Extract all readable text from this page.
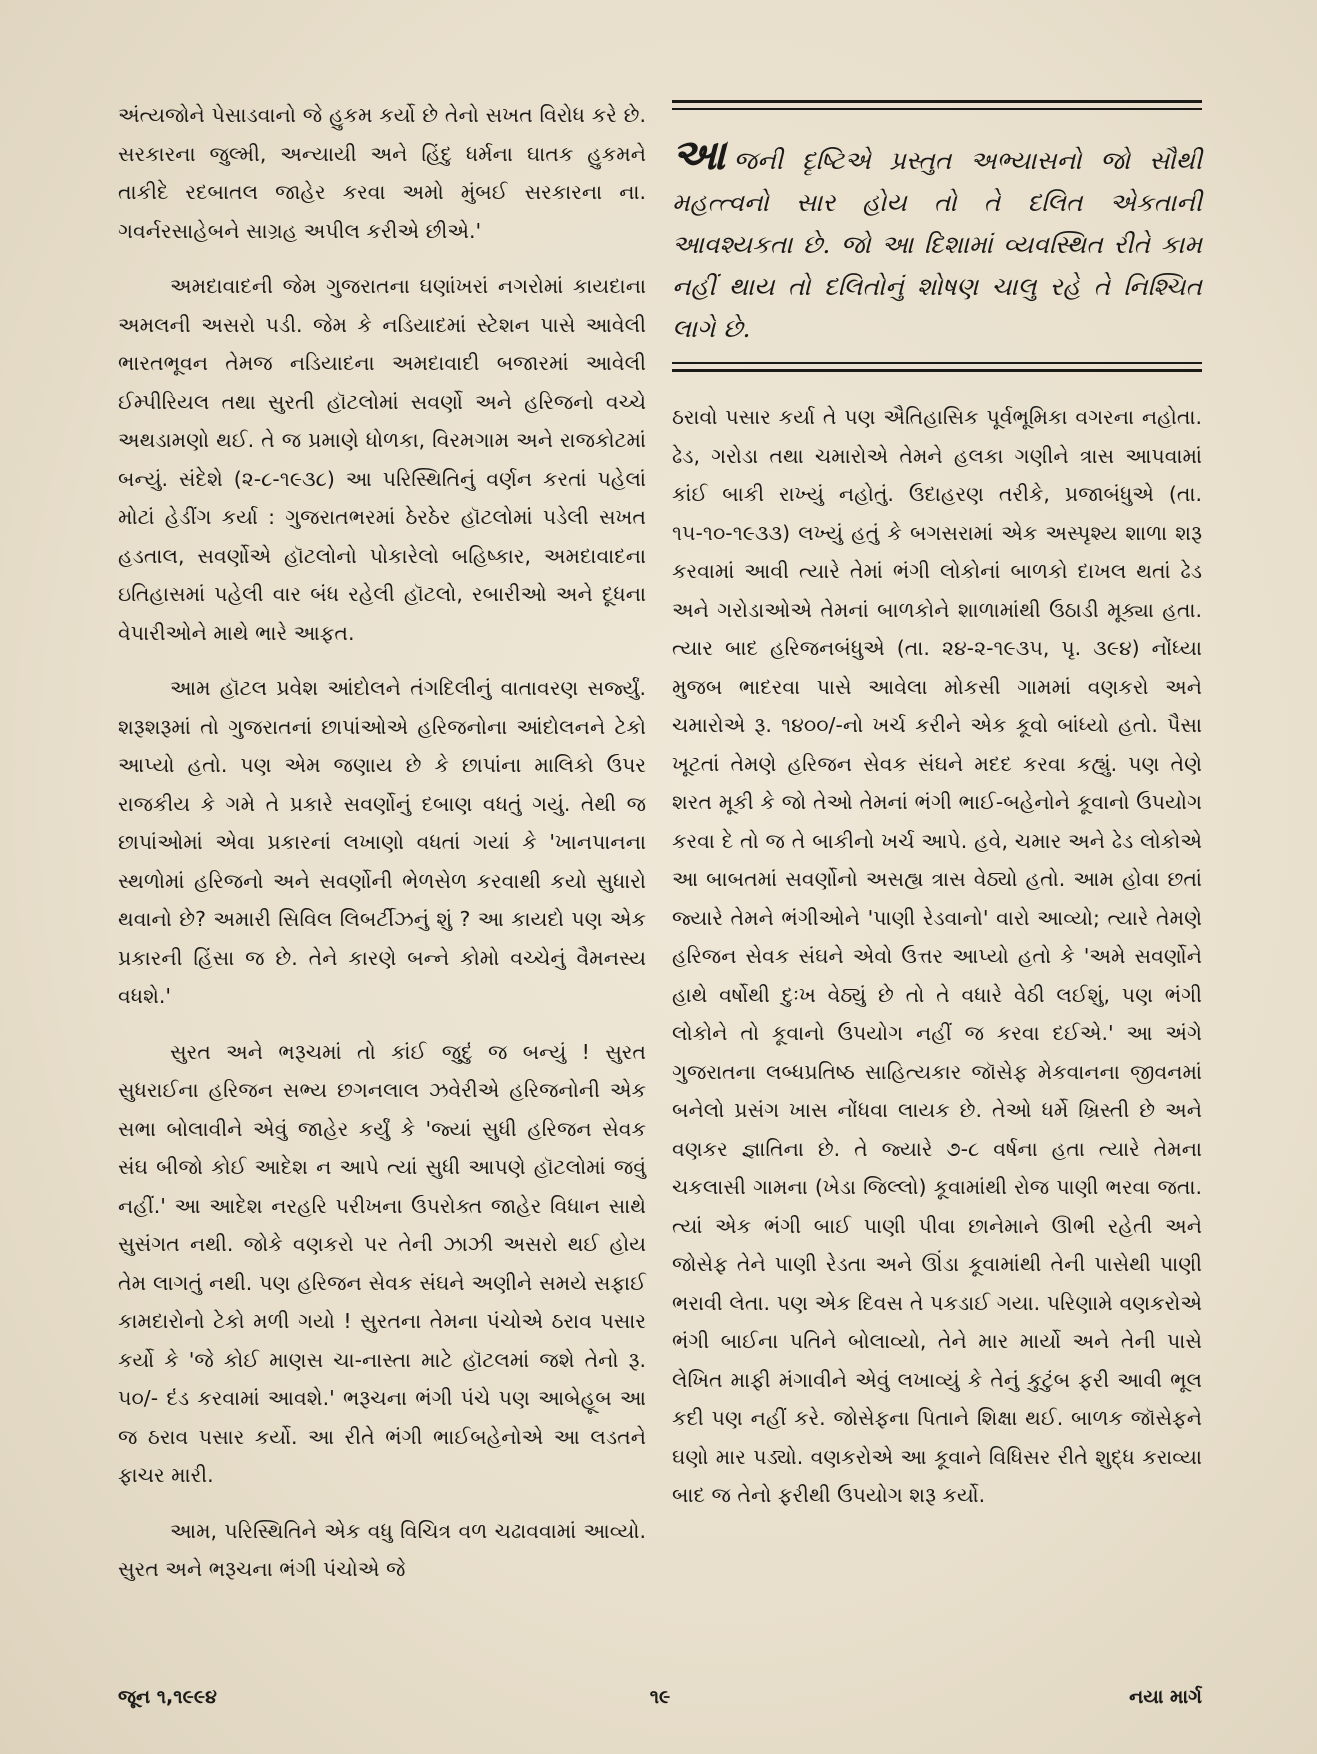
અંત્યજોને પેસાડવાનો જે હુકમ કર્યો છે તેનો સખત વિરોધ કરે છે. સરકારના જુલ્મી, અન્યાયી અને હિંદુ ધર્મના ઘાતક હુકમને તાકીદે રદબાતલ જાહેર કરવા અમો મુંબઈ સરકારના ના. ગવર્નરસાહેબને સાગ્રહ અપીલ કરીએ છીએ.'

અમદાવાદની જેમ ગુજરાતના ઘણાંખરાં નગરોમાં કાયદાના અમલની અસરો પડી. જેમ કે નડિયાદમાં સ્ટેશન પાસે આવેલી ભારતભૂવન તેમજ નડિયાદના અમદાવાદી બજારમાં આવેલી ઈમ્પીરિયલ તથા સુરતી હૉટલોમાં સવર્ણો અને હરિજનો વચ્ચે અથડામણો થઈ. તે જ પ્રમાણે ધોળકા, વિરમગામ અને રાજકોટમાં બન્યું. સંદેશે (૨-૮-૧૯૩૮) આ પરિસ્થિતિનું વર્ણન કરતાં પહેલાં મોટાં હેડીંગ કર્યા : ગુજરાતભરમાં ઠેરઠેર હૉટલોમાં પડેલી સખત હડતાલ, સવર્ણોએ હૉટલોનો પોકારેલો બહિષ્કાર, અમદાવાદના ઇતિહાસમાં પહેલી વાર બંધ રહેલી હૉટલો, રબારીઓ અને દૂધના વેપારીઓને માથે ભારે આફત.

આમ હૉટલ પ્રવેશ આંદોલને તંગદિલીનું વાતાવરણ સર્જ્યું. શરૂશરૂમાં તો ગુજરાતનાં છાપાંઓએ હરિજનોના આંદોલનને ટેકો આપ્યો હતો. પણ એમ જણાય છે કે છાપાંના માલિકો ઉપર રાજકીય કે ગમે તે પ્રકારે સવર્ણોનું દબાણ વધતું ગયું. તેથી જ છાપાંઓમાં એવા પ્રકારનાં લખાણો વધતાં ગયાં કે 'ખાનપાનના સ્થળોમાં હરિજનો અને સવર્ણોની ભેળસેળ કરવાથી કયો સુધારો થવાનો છે? અમારી સિવિલ લિબર્ટીઝનું શું ? આ કાયદો પણ એક પ્રકારની હિંસા જ છે. તેને કારણે બન્ને કોમો વચ્ચેનું વૈમનસ્ય વધશે.'

સુરત અને ભરૂચમાં તો કાંઈ જુદું જ બન્યું ! સુરત સુધરાઈના હરિજન સભ્ય છગનલાલ ઝવેરીએ હરિજનોની એક સભા બોલાવીને એવું જાહેર કર્યું કે 'જ્યાં સુધી હરિજન સેવક સંઘ બીજો કોઈ આદેશ ન આપે ત્યાં સુધી આપણે હૉટલોમાં જવું નહીં.' આ આદેશ નરહરિ પરીખના ઉપરોક્ત જાહેર વિધાન સાથે સુસંગત નથી. જોકે વણકરો પર તેની ઝાઝી અસરો થઈ હોય તેમ લાગતું નથી. પણ હરિજન સેવક સંઘને અણીને સમયે સફાઈ કામદારોનો ટેકો મળી ગયો ! સુરતના તેમના પંચોએ ઠરાવ પસાર કર્યો કે 'જે કોઈ માણસ ચા-નાસ્તા માટે હૉટલમાં જશે તેનો રૂ. ૫૦/- દંડ કરવામાં આવશે.' ભરૂચના ભંગી પંચે પણ આબેહૂબ આ જ ઠરાવ પસાર કર્યો. આ રીતે ભંગી ભાઈબહેનોએ આ લડતને ફાચર મારી.

આમ, પરિસ્થિતિને એક વધુ વિચિત્ર વળ ચઢાવવામાં આવ્યો. સુરત અને ભરૂચના ભંગી પંચોએ જે

આજની દૃષ્ટિએ પ્રસ્તુત અભ્યાસનો જો સૌથી મહત્ત્વનો સાર હોય તો તે દલિત એકતાની આવશ્યકતા છે. જો આ દિશામાં વ્યવસ્થિત રીતે કામ નહીં થાય તો દલિતોનું શોષણ ચાલુ રહે તે નિશ્ચિત લાગે છે.

ઠરાવો પસાર કર્યા તે પણ ઐતિહાસિક પૂર્વભૂમિકા વગરના નહોતા. ઢેડ, ગરોડા તથા ચમારોએ તેમને હલકા ગણીને ત્રાસ આપવામાં કાંઈ બાકી રાખ્યું નહોતું. ઉદાહરણ તરીકે, પ્રજાબંધુએ (તા. ૧૫-૧૦-૧૯૩૩) લખ્યું હતું કે બગસરામાં એક અસ્પૃશ્ય શાળા શરૂ કરવામાં આવી ત્યારે તેમાં ભંગી લોકોનાં બાળકો દાખલ થતાં ઢેડ અને ગરોડાઓએ તેમનાં બાળકોને શાળામાંથી ઉઠાડી મૂક્યા હતા. ત્યાર બાદ હરિજનબંધુએ (તા. ૨૪-૨-૧૯૩૫, પૃ. ૩૯૪) નોંધ્યા મુજબ ભાદરવા પાસે આવેલા મોકસી ગામમાં વણકરો અને ચમારોએ રૂ. ૧૪૦૦/-નો ખર્ચ કરીને એક કૂવો બાંધ્યો હતો. પૈસા ખૂટતાં તેમણે હરિજન સેવક સંઘને મદદ કરવા કહ્યું. પણ તેણે શરત મૂકી કે જો તેઓ તેમનાં ભંગી ભાઈ-બહેનોને કૂવાનો ઉપયોગ કરવા દે તો જ તે બાકીનો ખર્ચ આપે. હવે, ચમાર અને ઢેડ લોકોએ આ બાબતમાં સવર્ણોનો અસહ્ય ત્રાસ વેઠ્યો હતો. આમ હોવા છતાં જ્યારે તેમને ભંગીઓને 'પાણી રેડવાનો' વારો આવ્યો; ત્યારે તેમણે હરિજન સેવક સંઘને એવો ઉત્તર આપ્યો હતો કે 'અમે સવર્ણોને હાથે વર્ષોથી દુઃખ વેઠ્યું છે તો તે વધારે વેઠી લઈશું, પણ ભંગી લોકોને તો કૂવાનો ઉપયોગ નહીં જ કરવા દઈએ.' આ અંગે ગુજરાતના લબ્ધપ્રતિષ્ઠ સાહિત્યકાર જૉસેફ મેકવાનના જીવનમાં બનેલો પ્રસંગ ખાસ નોંધવા લાયક છે. તેઓ ધર્મે ખ્રિસ્તી છે અને વણકર જ્ઞાતિના છે. તે જ્યારે ૭-૮ વર્ષના હતા ત્યારે તેમના ચકલાસી ગામના (ખેડા જિલ્લો) કૂવામાંથી રોજ પાણી ભરવા જતા. ત્યાં એક ભંગી બાઈ પાણી પીવા છાનેમાને ઊભી રહેતી અને જોસેફ તેને પાણી રેડતા અને ઊંડા કૂવામાંથી તેની પાસેથી પાણી ભરાવી લેતા. પણ એક દિવસ તે પકડાઈ ગયા. પરિણામે વણકરોએ ભંગી બાઈના પતિને બોલાવ્યો, તેને માર માર્યો અને તેની પાસે લેખિત માફી મંગાવીને એવું લખાવ્યું કે તેનું કુટુંબ ફરી આવી ભૂલ કદી પણ નહીં કરે. જોસેફના પિતાને શિક્ષા થઈ. બાળક જૉસેફને ઘણો માર પડ્યો. વણકરોએ આ કૂવાને વિધિસર રીતે શુદ્ધ કરાવ્યા બાદ જ તેનો ફરીથી ઉપયોગ શરૂ કર્યો.

જૂન ૧,૧૯૯૪	૧૯	નયા માર્ગ
